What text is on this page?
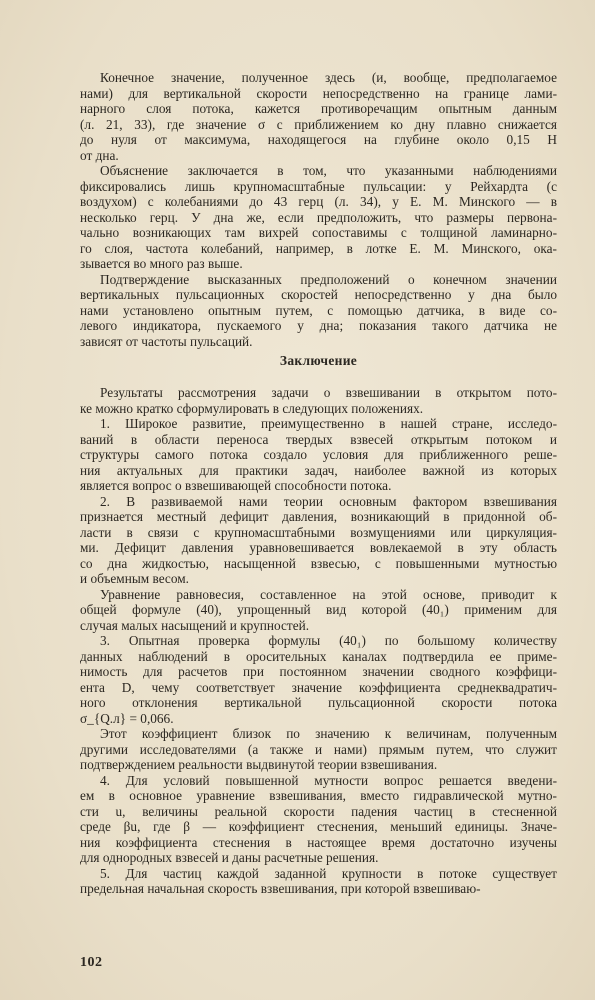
Конечное значение, полученное здесь (и, вообще, предполагаемое
нами) для вертикальной скорости непосредственно на границе лами-
нарного слоя потока, кажется противоречащим опытным данным
(л. 21, 33), где значение σ с приближением ко дну плавно снижается
до нуля от максимума, находящегося на глубине около 0,15 H
от дна.

Объяснение заключается в том, что указанными наблюдениями
фиксировались лишь крупномасштабные пульсации: у Рейхардта (с
воздухом) с колебаниями до 43 герц (л. 34), у Е. М. Минского — в
несколько герц. У дна же, если предположить, что размеры первона-
чально возникающих там вихрей сопоставимы с толщиной ламинарно-
го слоя, частота колебаний, например, в лотке Е. М. Минского, ока-
зывается во много раз выше.

Подтверждение высказанных предположений о конечном значении
вертикальных пульсационных скоростей непосредственно у дна было
нами установлено опытным путем, с помощью датчика, в виде со-
левого индикатора, пускаемого у дна; показания такого датчика не
зависят от частоты пульсаций.

Заключение

Результаты рассмотрения задачи о взвешивании в открытом пото-
ке можно кратко сформулировать в следующих положениях.

1. Широкое развитие, преимущественно в нашей стране, исследо-
ваний в области переноса твердых взвесей открытым потоком и
структуры самого потока создало условия для приближенного реше-
ния актуальных для практики задач, наиболее важной из которых
является вопрос о взвешивающей способности потока.

2. В развиваемой нами теории основным фактором взвешивания
признается местный дефицит давления, возникающий в придонной об-
ласти в связи с крупномасштабными возмущениями или циркуляция-
ми. Дефицит давления уравновешивается вовлекаемой в эту область
со дна жидкостью, насыщенной взвесью, с повышенными мутностью
и объемным весом.

Уравнение равновесия, составленное на этой основе, приводит к
общей формуле (40), упрощенный вид которой (40₁) применим для
случая малых насыщений и крупностей.

3. Опытная проверка формулы (40₁) по большому количеству
данных наблюдений в оросительных каналах подтвердила ее приме-
нимость для расчетов при постоянном значении сводного коэффици-
ента D, чему соответствует значение коэффициента среднеквадратич-
ного отклонения вертикальной пульсационной скорости потока
σ_{Q.л} = 0,066.

Этот коэффициент близок по значению к величинам, полученным
другими исследователями (а также и нами) прямым путем, что служит
подтверждением реальности выдвинутой теории взвешивания.

4. Для условий повышенной мутности вопрос решается введени-
ем в основное уравнение взвешивания, вместо гидравлической мутно-
сти u, величины реальной скорости падения частиц в стесненной
среде βu, где β — коэффициент стеснения, меньший единицы. Значе-
ния коэффициента стеснения в настоящее время достаточно изучены
для однородных взвесей и даны расчетные решения.

5. Для частиц каждой заданной крупности в потоке существует
предельная начальная скорость взвешивания, при которой взвешиваю-

102
